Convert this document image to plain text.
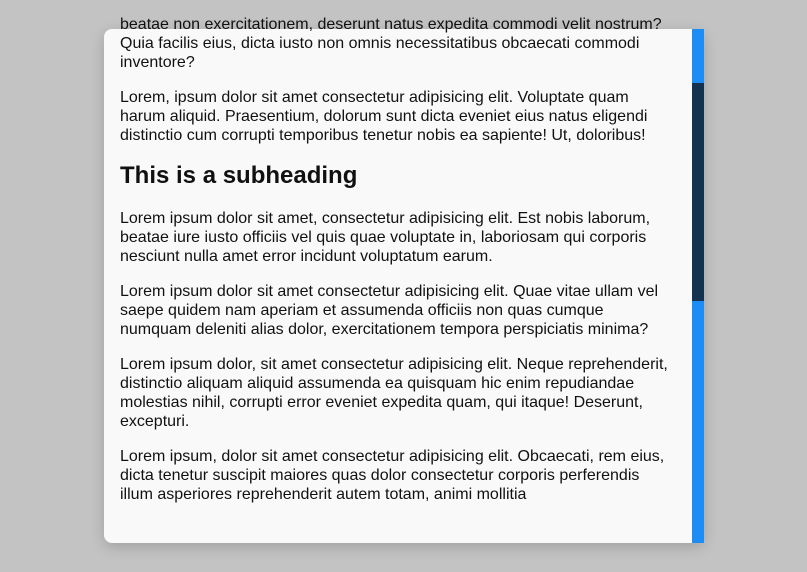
beatae non exercitationem, deserunt natus expedita commodi velit nostrum? Quia facilis eius, dicta iusto non omnis necessitatibus obcaecati commodi inventore?

Lorem, ipsum dolor sit amet consectetur adipisicing elit. Voluptate quam harum aliquid. Praesentium, dolorum sunt dicta eveniet eius natus eligendi distinctio cum corrupti temporibus tenetur nobis ea sapiente! Ut, doloribus!

This is a subheading

Lorem ipsum dolor sit amet, consectetur adipisicing elit. Est nobis laborum, beatae iure iusto officiis vel quis quae voluptate in, laboriosam qui corporis nesciunt nulla amet error incidunt voluptatum earum.

Lorem ipsum dolor sit amet consectetur adipisicing elit. Quae vitae ullam vel saepe quidem nam aperiam et assumenda officiis non quas cumque numquam deleniti alias dolor, exercitationem tempora perspiciatis minima?

Lorem ipsum dolor, sit amet consectetur adipisicing elit. Neque reprehenderit, distinctio aliquam aliquid assumenda ea quisquam hic enim repudiandae molestias nihil, corrupti error eveniet expedita quam, qui itaque! Deserunt, excepturi.

Lorem ipsum, dolor sit amet consectetur adipisicing elit. Obcaecati, rem eius, dicta tenetur suscipit maiores quas dolor consectetur corporis perferendis illum asperiores reprehenderit autem totam, animi mollitia
